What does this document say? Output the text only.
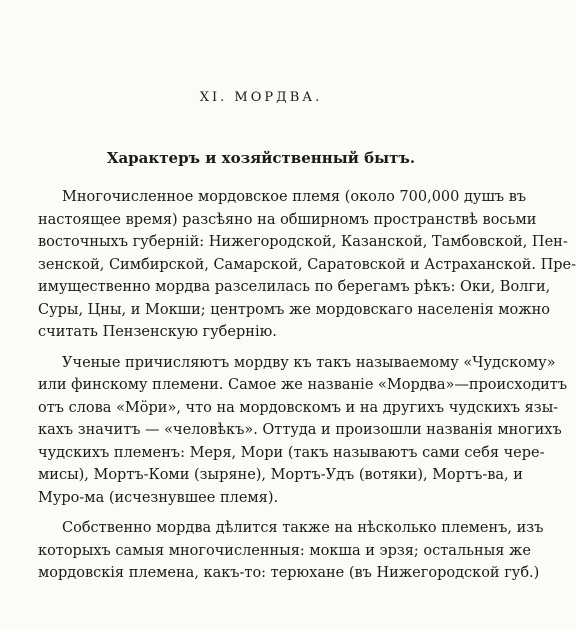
XI. МОРДВА.
Характеръ и хозяйственный бытъ.
Многочисленное мордовское племя (около 700,000 душъ въ
настоящее время) разсѣяно на обширномъ пространствѣ восьми
восточныхъ губерній: Нижегородской, Казанской, Тамбовской, Пен-
зенской, Симбирской, Самарской, Саратовской и Астраханской. Пре-
имущественно мордва разселилась по берегамъ рѣкъ: Оки, Волги,
Суры, Цны, и Мокши; центромъ же мордовскаго населенія можно
считать Пензенскую губернію.
Ученые причисляютъ мордву къ такъ называемому «Чудскому»
или финскому племени. Самое же названіе «Мордва»—происходитъ
отъ слова «Мöри», что на мордовскомъ и на другихъ чудскихъ язы-
кахъ значитъ — «человѣкъ». Оттуда и произошли названія многихъ
чудскихъ племенъ: Меря, Мори (такъ называютъ сами себя чере-
мисы), Мортъ-Коми (зыряне), Мортъ-Удъ (вотяки), Мортъ-ва, и
Муро-ма (исчезнувшее племя).
Собственно мордва дѣлится также на нѣсколько племенъ, изъ
которыхъ самыя многочисленныя: мокша и эрзя; остальныя же
мордовскія племена, какъ-то: терюхане (въ Нижегородской губ.)
